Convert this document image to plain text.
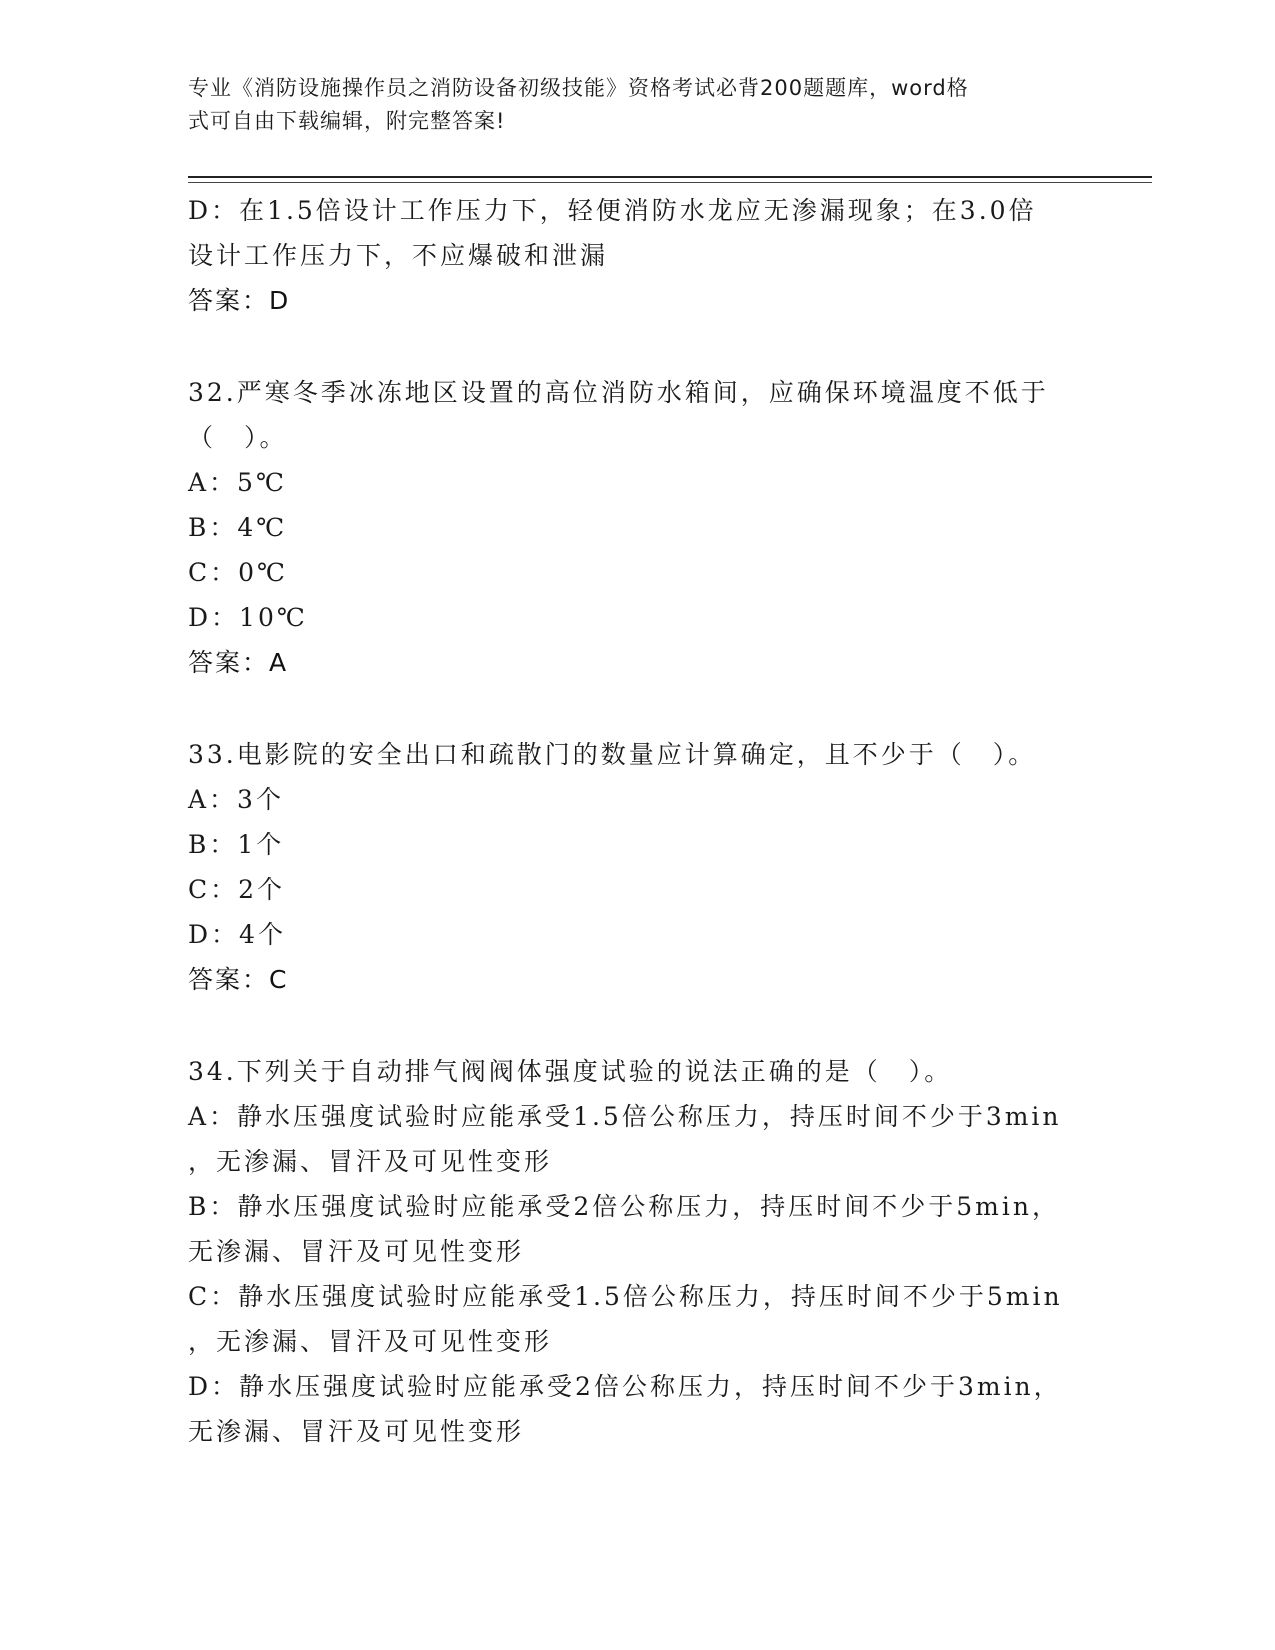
专业《消防设施操作员之消防设备初级技能》资格考试必背200题题库，word格
式可自由下载编辑，附完整答案!
D：在1.5倍设计工作压力下，轻便消防水龙应无渗漏现象；在3.0倍
设计工作压力下，不应爆破和泄漏
答案：D
32.严寒冬季冰冻地区设置的高位消防水箱间，应确保环境温度不低于
（　）。
A：5℃
B：4℃
C：0℃
D：10℃
答案：A
33.电影院的安全出口和疏散门的数量应计算确定，且不少于（　）。
A：3个
B：1个
C：2个
D：4个
答案：C
34.下列关于自动排气阀阀体强度试验的说法正确的是（　）。
A：静水压强度试验时应能承受1.5倍公称压力，持压时间不少于3min
，无渗漏、冒汗及可见性变形
B：静水压强度试验时应能承受2倍公称压力，持压时间不少于5min，
无渗漏、冒汗及可见性变形
C：静水压强度试验时应能承受1.5倍公称压力，持压时间不少于5min
，无渗漏、冒汗及可见性变形
D：静水压强度试验时应能承受2倍公称压力，持压时间不少于3min，
无渗漏、冒汗及可见性变形
